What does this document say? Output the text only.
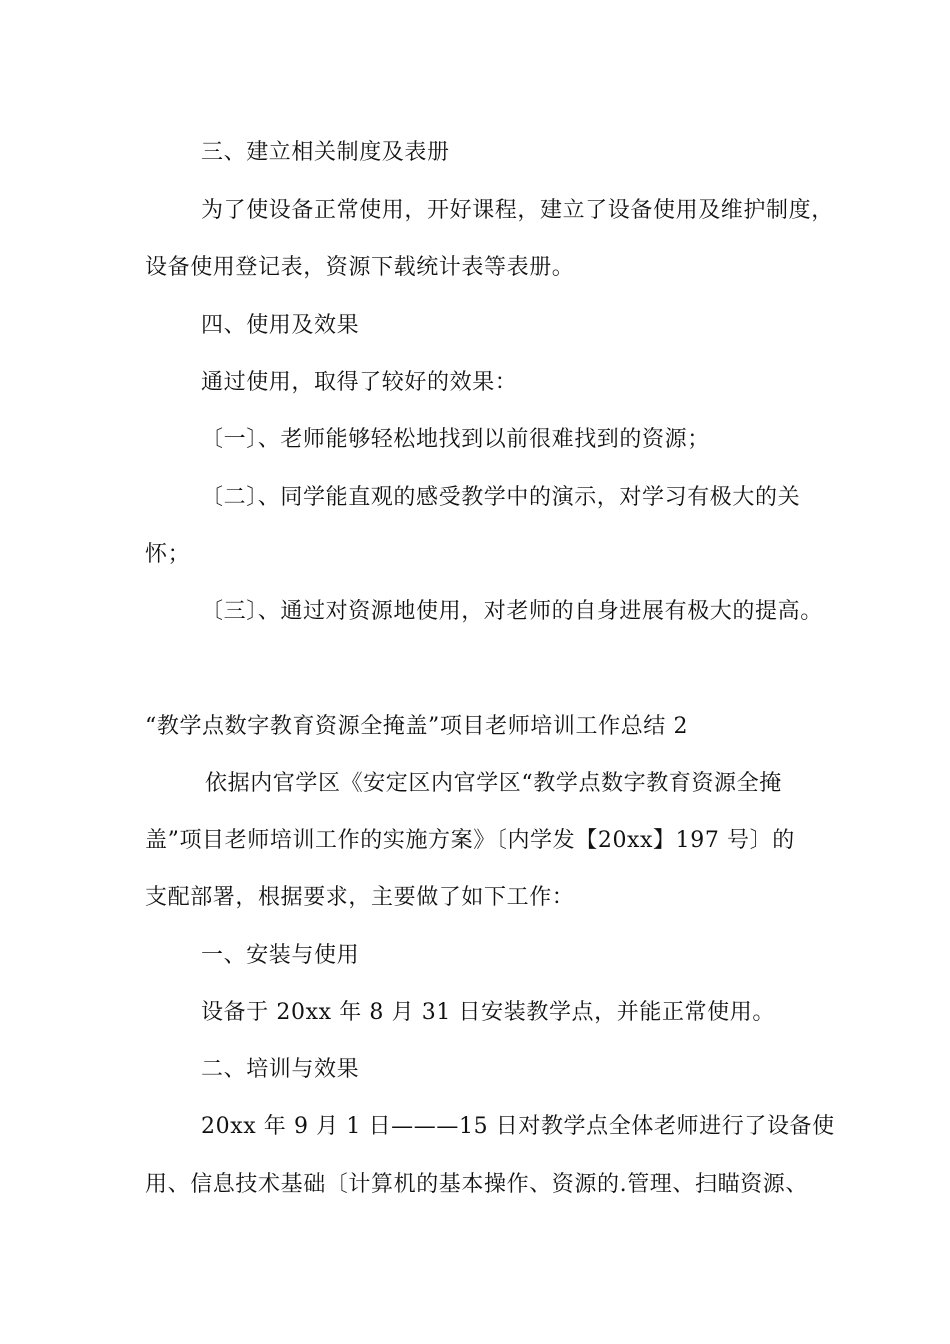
三、建立相关制度及表册
为了使设备正常使用，开好课程，建立了设备使用及维护制度，
设备使用登记表，资源下载统计表等表册。
四、使用及效果
通过使用，取得了较好的效果：
〔一〕、老师能够轻松地找到以前很难找到的资源；
〔二〕、同学能直观的感受教学中的演示，对学习有极大的关
怀；
〔三〕、通过对资源地使用，对老师的自身进展有极大的提高。
“教学点数字教育资源全掩盖”项目老师培训工作总结 2
依据内官学区《安定区内官学区“教学点数字教育资源全掩
盖”项目老师培训工作的实施方案》〔内学发【20xx】197 号〕的
支配部署，根据要求，主要做了如下工作：
一、安装与使用
设备于 20xx 年 8 月 31 日安装教学点，并能正常使用。
二、培训与效果
20xx 年 9 月 1 日———15 日对教学点全体老师进行了设备使
用、信息技术基础〔计算机的基本操作、资源的.管理、扫瞄资源、
